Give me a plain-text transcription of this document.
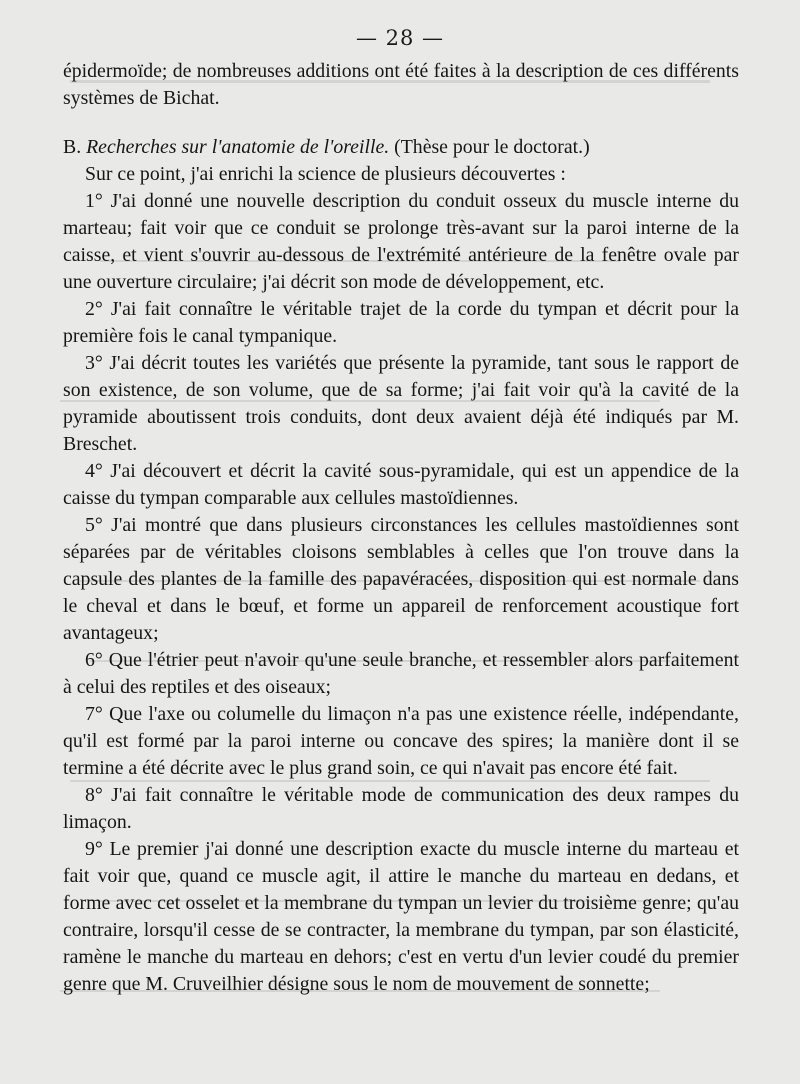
— 28 —

épidermoïde; de nombreuses additions ont été faites à la description de ces différents systèmes de Bichat.

B. Recherches sur l'anatomie de l'oreille. (Thèse pour le doctorat.)

Sur ce point, j'ai enrichi la science de plusieurs découvertes :

1° J'ai donné une nouvelle description du conduit osseux du muscle interne du marteau; fait voir que ce conduit se prolonge très-avant sur la paroi interne de la caisse, et vient s'ouvrir au-dessous de l'extrémité antérieure de la fenêtre ovale par une ouverture circulaire; j'ai décrit son mode de développement, etc.

2° J'ai fait connaître le véritable trajet de la corde du tympan et décrit pour la première fois le canal tympanique.

3° J'ai décrit toutes les variétés que présente la pyramide, tant sous le rapport de son existence, de son volume, que de sa forme; j'ai fait voir qu'à la cavité de la pyramide aboutissent trois conduits, dont deux avaient déjà été indiqués par M. Breschet.

4° J'ai découvert et décrit la cavité sous-pyramidale, qui est un appendice de la caisse du tympan comparable aux cellules mastoïdiennes.

5° J'ai montré que dans plusieurs circonstances les cellules mastoïdiennes sont séparées par de véritables cloisons semblables à celles que l'on trouve dans la capsule des plantes de la famille des papavéracées, disposition qui est normale dans le cheval et dans le bœuf, et forme un appareil de renforcement acoustique fort avantageux;

6° Que l'étrier peut n'avoir qu'une seule branche, et ressembler alors parfaitement à celui des reptiles et des oiseaux;

7° Que l'axe ou columelle du limaçon n'a pas une existence réelle, indépendante, qu'il est formé par la paroi interne ou concave des spires; la manière dont il se termine a été décrite avec le plus grand soin, ce qui n'avait pas encore été fait.

8° J'ai fait connaître le véritable mode de communication des deux rampes du limaçon.

9° Le premier j'ai donné une description exacte du muscle interne du marteau et fait voir que, quand ce muscle agit, il attire le manche du marteau en dedans, et forme avec cet osselet et la membrane du tympan un levier du troisième genre; qu'au contraire, lorsqu'il cesse de se contracter, la membrane du tympan, par son élasticité, ramène le manche du marteau en dehors; c'est en vertu d'un levier coudé du premier genre que M. Cruveilhier désigne sous le nom de mouvement de sonnette;
